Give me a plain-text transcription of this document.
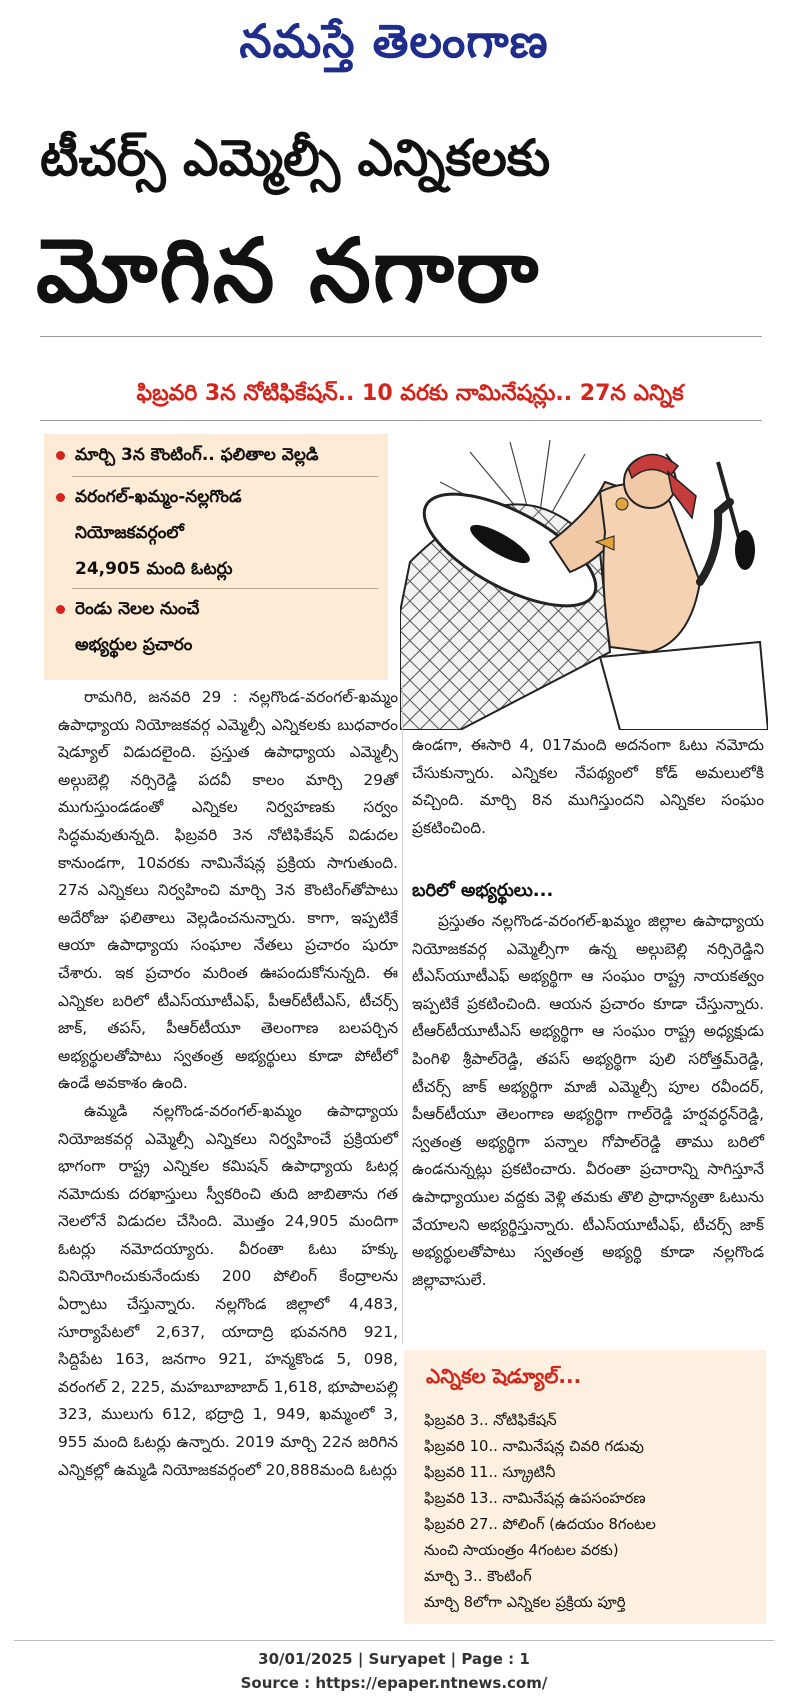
నమస్తే తెలంగాణ
టీచర్స్ ఎమ్మెల్సీ ఎన్నికలకు
మోగిన నగారా
ఫిబ్రవరి 3న నోటిఫికేషన్.. 10 వరకు నామినేషన్లు.. 27న ఎన్నిక
మార్చి 3న కౌంటింగ్.. ఫలితాల వెల్లడి
వరంగల్-ఖమ్మం-నల్లగొండ
నియోజకవర్గంలో
24,905 మంది ఓటర్లు
రెండు నెలల నుంచే
అభ్యర్థుల ప్రచారం

రామగిరి, జనవరి 29 : నల్లగొండ-వరంగల్-ఖమ్మం ఉపాధ్యాయ నియోజకవర్గ ఎమ్మెల్సీ ఎన్నికలకు బుధవారం షెడ్యూల్ విడుదలైంది. ప్రస్తుత ఉపాధ్యాయ ఎమ్మెల్సీ అల్గుబెల్లి నర్సిరెడ్డి పదవీ కాలం మార్చి 29తో ముగుస్తుండడంతో ఎన్నికల నిర్వహణకు సర్వం సిద్ధమవుతున్నది. ఫిబ్రవరి 3న నోటిఫికేషన్ విడుదల కానుండగా, 10వరకు నామినేషన్ల ప్రక్రియ సాగుతుంది. 27న ఎన్నికలు నిర్వహించి మార్చి 3న కౌంటింగ్‌తోపాటు అదేరోజు ఫలితాలు వెల్లడించనున్నారు. కాగా, ఇప్పటికే ఆయా ఉపాధ్యాయ సంఘాల నేతలు ప్రచారం షురూ చేశారు. ఇక ప్రచారం మరింత ఊపందుకోనున్నది. ఈ ఎన్నికల బరిలో టీఎస్‌యూటీఎఫ్, పీఆర్‌టీటీఎస్, టీచర్స్ జాక్, తపస్, పీఆర్‌టీయూ తెలంగాణ బలపర్చిన అభ్యర్థులతోపాటు స్వతంత్ర అభ్యర్థులు కూడా పోటీలో ఉండే అవకాశం ఉంది.

ఉమ్మడి నల్లగొండ-వరంగల్-ఖమ్మం ఉపాధ్యాయ నియోజకవర్గ ఎమ్మెల్సీ ఎన్నికలు నిర్వహించే ప్రక్రియలో భాగంగా రాష్ట్ర ఎన్నికల కమిషన్ ఉపాధ్యాయ ఓటర్ల నమోదుకు దరఖాస్తులు స్వీకరించి తుది జాబితాను గత నెలలోనే విడుదల చేసింది. మొత్తం 24,905 మందిగా ఓటర్లు నమోదయ్యారు. వీరంతా ఓటు హక్కు వినియోగించుకునేందుకు 200 పోలింగ్ కేంద్రాలను ఏర్పాటు చేస్తున్నారు. నల్లగొండ జిల్లాలో 4,483, సూర్యాపేటలో 2,637, యాదాద్రి భువనగిరి 921, సిద్దిపేట 163, జనగాం 921, హన్మకొండ 5, 098, వరంగల్ 2, 225, మహబూబాబాద్ 1,618, భూపాలపల్లి 323, ములుగు 612, భద్రాద్రి 1, 949, ఖమ్మంలో 3, 955 మంది ఓటర్లు ఉన్నారు. 2019 మార్చి 22న జరిగిన ఎన్నికల్లో ఉమ్మడి నియోజకవర్గంలో 20,888మంది ఓటర్లు

ఉండగా, ఈసారి 4, 017మంది అదనంగా ఓటు నమోదు చేసుకున్నారు. ఎన్నికల నేపథ్యంలో కోడ్ అమలులోకి వచ్చింది. మార్చి 8న ముగిస్తుందని ఎన్నికల సంఘం ప్రకటించింది.

బరిలో అభ్యర్థులు...

ప్రస్తుతం నల్లగొండ-వరంగల్-ఖమ్మం జిల్లాల ఉపాధ్యాయ నియోజకవర్గ ఎమ్మెల్సీగా ఉన్న అల్గుబెల్లి నర్సిరెడ్డిని టీఎస్‌యూటీఎఫ్ అభ్యర్థిగా ఆ సంఘం రాష్ట్ర నాయకత్వం ఇప్పటికే ప్రకటించింది. ఆయన ప్రచారం కూడా చేస్తున్నారు. టీఆర్‌టీయూటీఎస్ అభ్యర్థిగా ఆ సంఘం రాష్ట్ర అధ్యక్షుడు పింగిళి శ్రీపాల్‌రెడ్డి, తపస్ అభ్యర్థిగా పులి సరోత్తమ్‌రెడ్డి, టీచర్స్ జాక్ అభ్యర్థిగా మాజీ ఎమ్మెల్సీ పూల రవీందర్, పీఆర్‌టీయూ తెలంగాణ అభ్యర్థిగా గాల్‌రెడ్డి హర్షవర్ధన్‌రెడ్డి, స్వతంత్ర అభ్యర్థిగా పన్నాల గోపాల్‌రెడ్డి తాము బరిలో ఉండనున్నట్లు ప్రకటించారు. వీరంతా ప్రచారాన్ని సాగిస్తూనే ఉపాధ్యాయుల వద్దకు వెళ్లి తమకు తొలి ప్రాధాన్యతా ఓటును వేయాలని అభ్యర్థిస్తున్నారు. టీఎస్‌యూటీఎఫ్, టీచర్స్ జాక్ అభ్యర్థులతోపాటు స్వతంత్ర అభ్యర్థి కూడా నల్లగొండ జిల్లావాసులే.

ఎన్నికల షెడ్యూల్...
ఫిబ్రవరి 3.. నోటిఫికేషన్
ఫిబ్రవరి 10.. నామినేషన్ల చివరి గడువు
ఫిబ్రవరి 11.. స్క్రూటినీ
ఫిబ్రవరి 13.. నామినేషన్ల ఉపసంహరణ
ఫిబ్రవరి 27.. పోలింగ్ (ఉదయం 8గంటల
నుంచి సాయంత్రం 4గంటల వరకు)
మార్చి 3.. కౌంటింగ్
మార్చి 8లోగా ఎన్నికల ప్రక్రియ పూర్తి
30/01/2025 | Suryapet | Page : 1
Source : https://epaper.ntnews.com/
